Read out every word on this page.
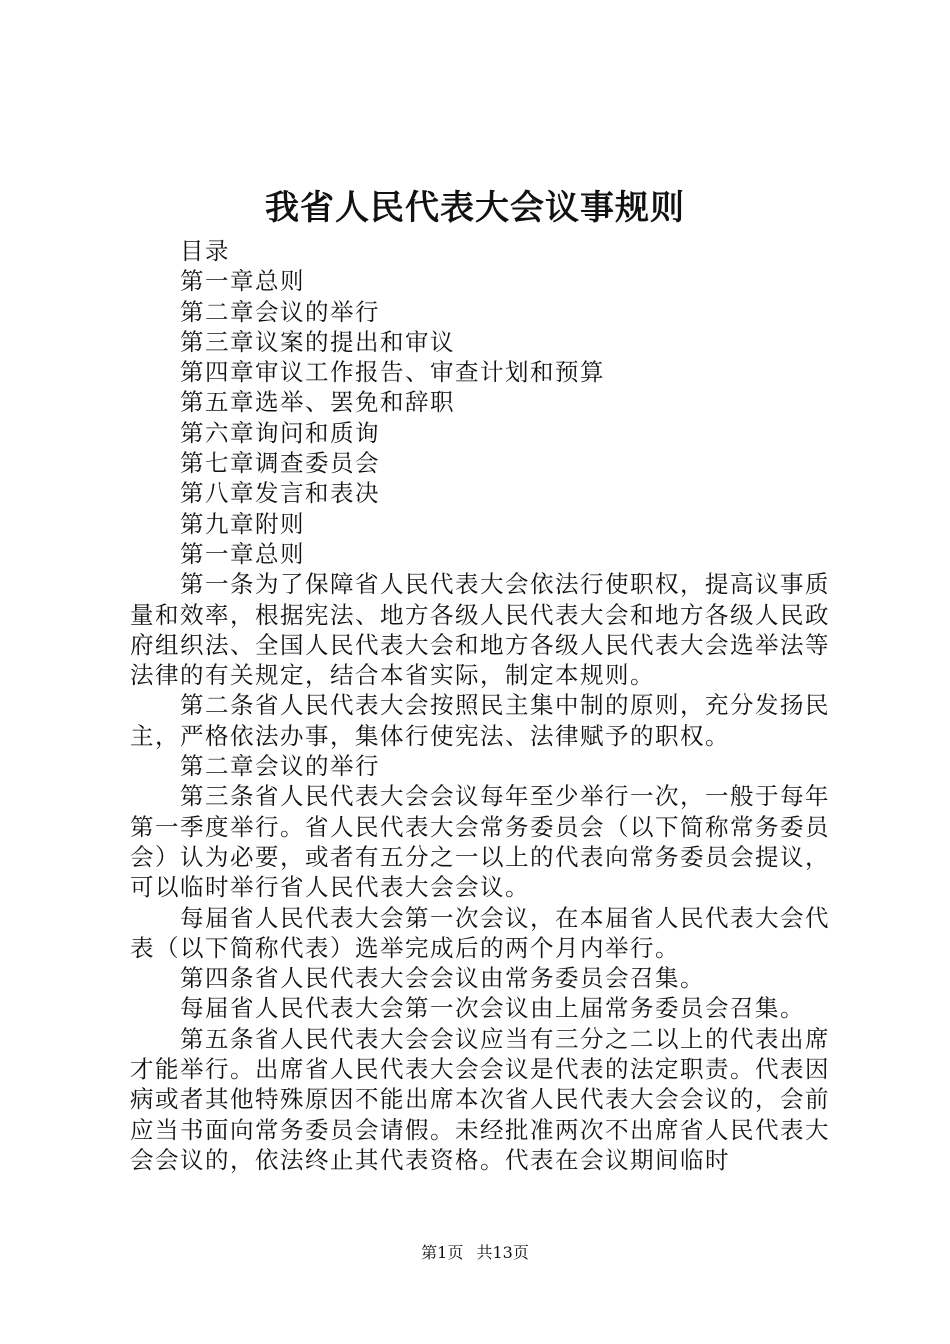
我省人民代表大会议事规则
目录
第一章总则
第二章会议的举行
第三章议案的提出和审议
第四章审议工作报告、审查计划和预算
第五章选举、罢免和辞职
第六章询问和质询
第七章调查委员会
第八章发言和表决
第九章附则
第一章总则
第一条为了保障省人民代表大会依法行使职权，提高议事质量和效率，根据宪法、地方各级人民代表大会和地方各级人民政府组织法、全国人民代表大会和地方各级人民代表大会选举法等法律的有关规定，结合本省实际，制定本规则。
第二条省人民代表大会按照民主集中制的原则，充分发扬民主，严格依法办事，集体行使宪法、法律赋予的职权。
第二章会议的举行
第三条省人民代表大会会议每年至少举行一次，一般于每年第一季度举行。省人民代表大会常务委员会（以下简称常务委员会）认为必要，或者有五分之一以上的代表向常务委员会提议，可以临时举行省人民代表大会会议。
每届省人民代表大会第一次会议，在本届省人民代表大会代表（以下简称代表）选举完成后的两个月内举行。
第四条省人民代表大会会议由常务委员会召集。
每届省人民代表大会第一次会议由上届常务委员会召集。
第五条省人民代表大会会议应当有三分之二以上的代表出席才能举行。出席省人民代表大会会议是代表的法定职责。代表因病或者其他特殊原因不能出席本次省人民代表大会会议的，会前应当书面向常务委员会请假。未经批准两次不出席省人民代表大会会议的，依法终止其代表资格。代表在会议期间临时
第1页 共13页
